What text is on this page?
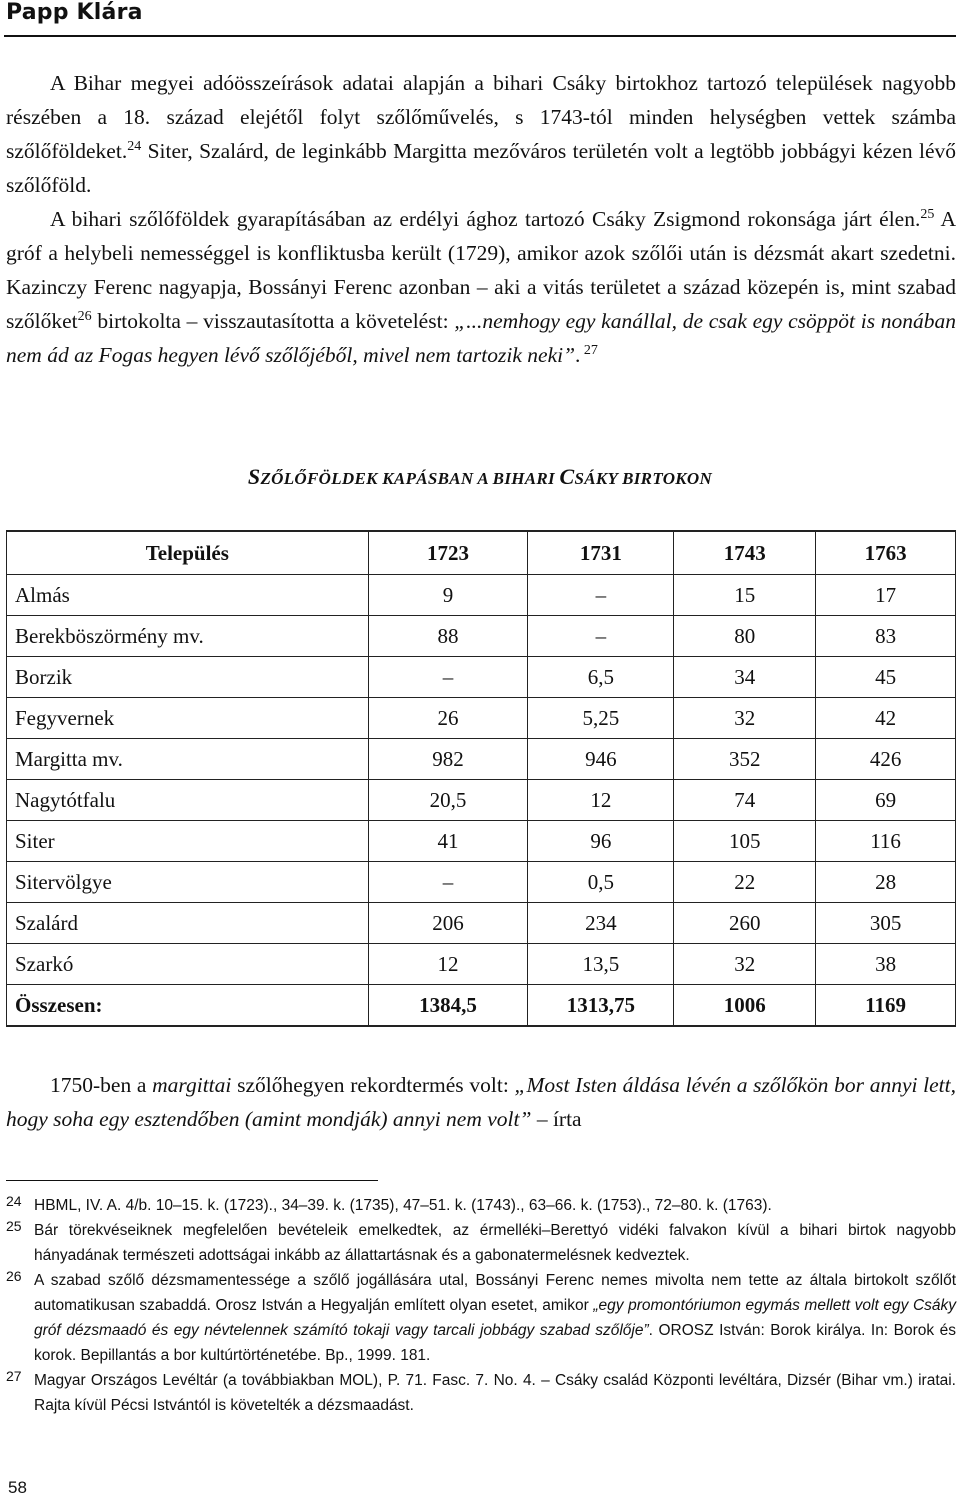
Papp Klára

A Bihar megyei adóösszeírások adatai alapján a bihari Csáky birtokhoz tartozó települések nagyobb részében a 18. század elejétől folyt szőlőművelés, s 1743-tól minden helységben vettek számba szőlőföldeket.$^{24}$ Siter, Szalárd, de leginkább Margitta mezőváros területén volt a legtöbb jobbágyi kézen lévő szőlőföld.

A bihari szőlőföldek gyarapításában az erdélyi ághoz tartozó Csáky Zsigmond rokonsága járt élen.$^{25}$ A gróf a helybeli nemességgel is konfliktusba került (1729), amikor azok szőlői után is dézsmát akart szedetni. Kazinczy Ferenc nagyapja, Bossányi Ferenc azonban – aki a vitás területet a század közepén is, mint szabad szőlőket$^{26}$ birtokolta – visszautasította a követelést: „...nemhogy egy kanállal, de csak egy csöppöt is nonában nem ád az Fogas hegyen lévő szőlőjéből, mivel nem tartozik neki”. $^{27}$

SZŐLŐFÖLDEK KAPÁSBAN A BIHARI CSÁKY BIRTOKON
Település	1723	1731	1743	1763
Almás	9	–	15	17
Berekböszörmény mv.	88	–	80	83
Borzik	–	6,5	34	45
Fegyvernek	26	5,25	32	42
Margitta mv.	982	946	352	426
Nagytótfalu	20,5	12	74	69
Siter	41	96	105	116
Sitervölgye	–	0,5	22	28
Szalárd	206	234	260	305
Szarkó	12	13,5	32	38
Összesen:	1384,5	1313,75	1006	1169

1750-ben a margittai szőlőhegyen rekordtermés volt: „Most Isten áldása lévén a szőlőkön bor annyi lett, hogy soha egy esztendőben (amint mondják) annyi nem volt” – írta

24 HBML, IV. A. 4/b. 10–15. k. (1723)., 34–39. k. (1735), 47–51. k. (1743)., 63–66. k. (1753)., 72–80. k. (1763).

25 Bár törekvéseiknek megfelelően bevételeik emelkedtek, az érmelléki–Berettyó vidéki falvakon kívül a bihari birtok nagyobb hányadának természeti adottságai inkább az állattartásnak és a gabonatermelésnek kedveztek.

26 A szabad szőlő dézsmamentessége a szőlő jogállására utal, Bossányi Ferenc nemes mivolta nem tette az általa birtokolt szőlőt automatikusan szabaddá. Orosz István a Hegyalján említett olyan esetet, amikor „egy promontóriumon egymás mellett volt egy Csáky gróf dézsmaadó és egy névtelennek számító tokaji vagy tarcali jobbágy szabad szőlője”. OROSZ István: Borok királya. In: Borok és korok. Bepillantás a bor kultúrtörténetébe. Bp., 1999. 181.

27 Magyar Országos Levéltár (a továbbiakban MOL), P. 71. Fasc. 7. No. 4. – Csáky család Központi levéltára, Dizsér (Bihar vm.) iratai. Rajta kívül Pécsi Istvántól is követelték a dézsmaadást.

58
